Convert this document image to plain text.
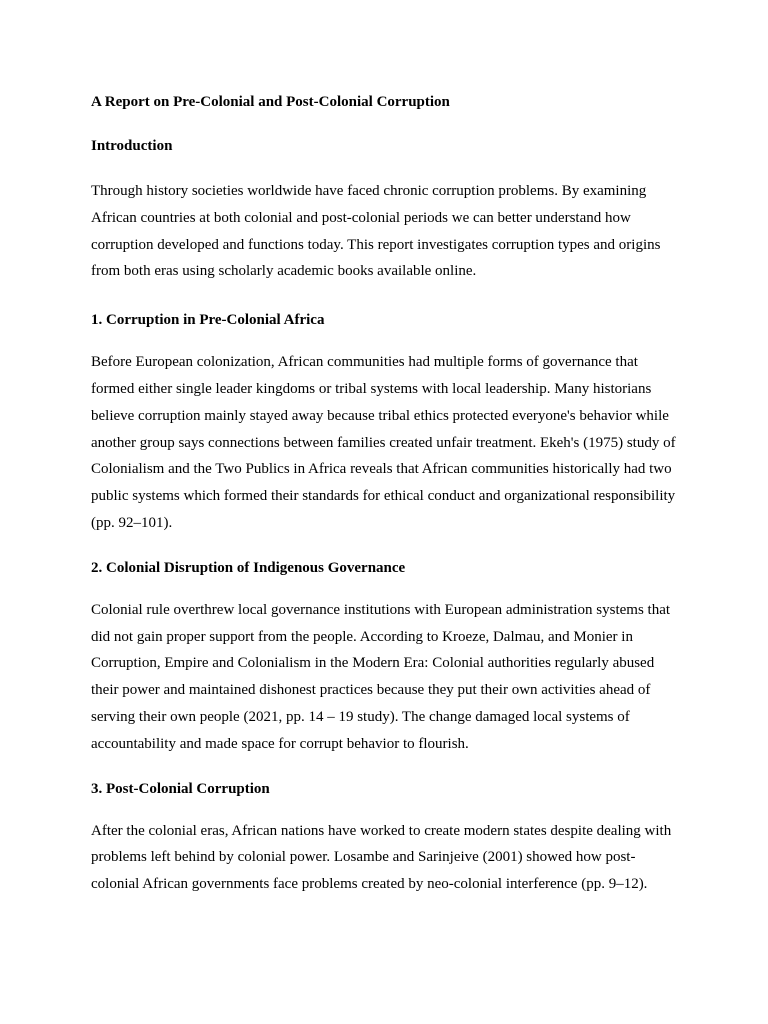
A Report on Pre-Colonial and Post-Colonial Corruption
Introduction

Through history societies worldwide have faced chronic corruption problems. By examining African countries at both colonial and post-colonial periods we can better understand how corruption developed and functions today. This report investigates corruption types and origins from both eras using scholarly academic books available online.

1. Corruption in Pre-Colonial Africa

Before European colonization, African communities had multiple forms of governance that formed either single leader kingdoms or tribal systems with local leadership. Many historians believe corruption mainly stayed away because tribal ethics protected everyone's behavior while another group says connections between families created unfair treatment. Ekeh's (1975) study of Colonialism and the Two Publics in Africa reveals that African communities historically had two public systems which formed their standards for ethical conduct and organizational responsibility (pp. 92–101).

2. Colonial Disruption of Indigenous Governance

Colonial rule overthrew local governance institutions with European administration systems that did not gain proper support from the people. According to Kroeze, Dalmau, and Monier in Corruption, Empire and Colonialism in the Modern Era: Colonial authorities regularly abused their power and maintained dishonest practices because they put their own activities ahead of serving their own people (2021, pp. 14 – 19 study). The change damaged local systems of accountability and made space for corrupt behavior to flourish.

3. Post-Colonial Corruption

After the colonial eras, African nations have worked to create modern states despite dealing with problems left behind by colonial power. Losambe and Sarinjeive (2001) showed how post-colonial African governments face problems created by neo-colonial interference (pp. 9–12).
